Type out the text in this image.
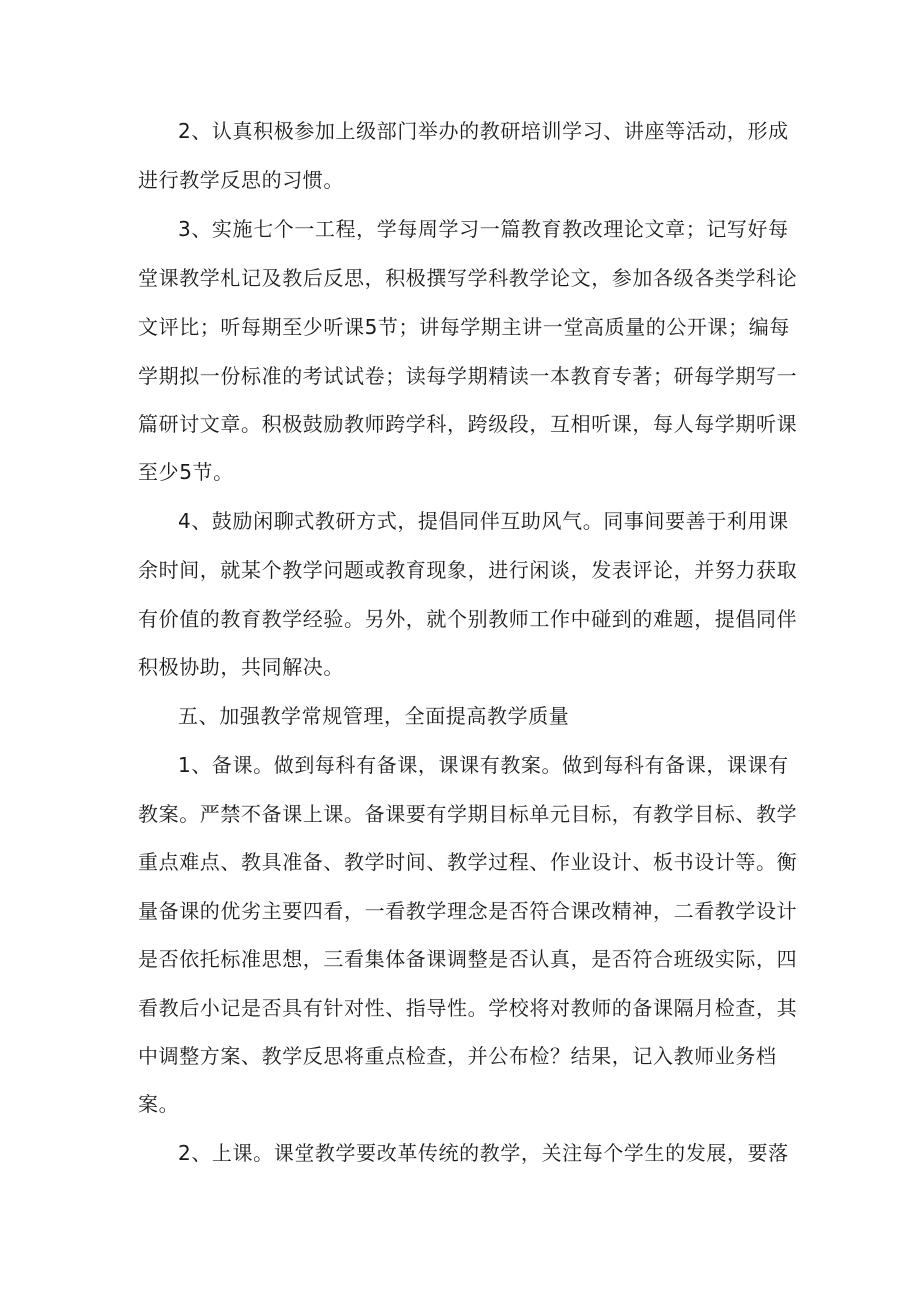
2、认真积极参加上级部门举办的教研培训学习、讲座等活动，形成
进行教学反思的习惯。
3、实施七个一工程，学每周学习一篇教育教改理论文章；记写好每
堂课教学札记及教后反思，积极撰写学科教学论文，参加各级各类学科论
文评比；听每期至少听课5节；讲每学期主讲一堂高质量的公开课；编每
学期拟一份标准的考试试卷；读每学期精读一本教育专著；研每学期写一
篇研讨文章。积极鼓励教师跨学科，跨级段，互相听课，每人每学期听课
至少5节。
4、鼓励闲聊式教研方式，提倡同伴互助风气。同事间要善于利用课
余时间，就某个教学问题或教育现象，进行闲谈，发表评论，并努力获取
有价值的教育教学经验。另外，就个别教师工作中碰到的难题，提倡同伴
积极协助，共同解决。
五、加强教学常规管理，全面提高教学质量
1、备课。做到每科有备课，课课有教案。做到每科有备课，课课有
教案。严禁不备课上课。备课要有学期目标单元目标，有教学目标、教学
重点难点、教具准备、教学时间、教学过程、作业设计、板书设计等。衡
量备课的优劣主要四看，一看教学理念是否符合课改精神，二看教学设计
是否依托标准思想，三看集体备课调整是否认真，是否符合班级实际，四
看教后小记是否具有针对性、指导性。学校将对教师的备课隔月检查，其
中调整方案、教学反思将重点检查，并公布检？结果，记入教师业务档
案。
2、上课。课堂教学要改革传统的教学，关注每个学生的发展，要落
